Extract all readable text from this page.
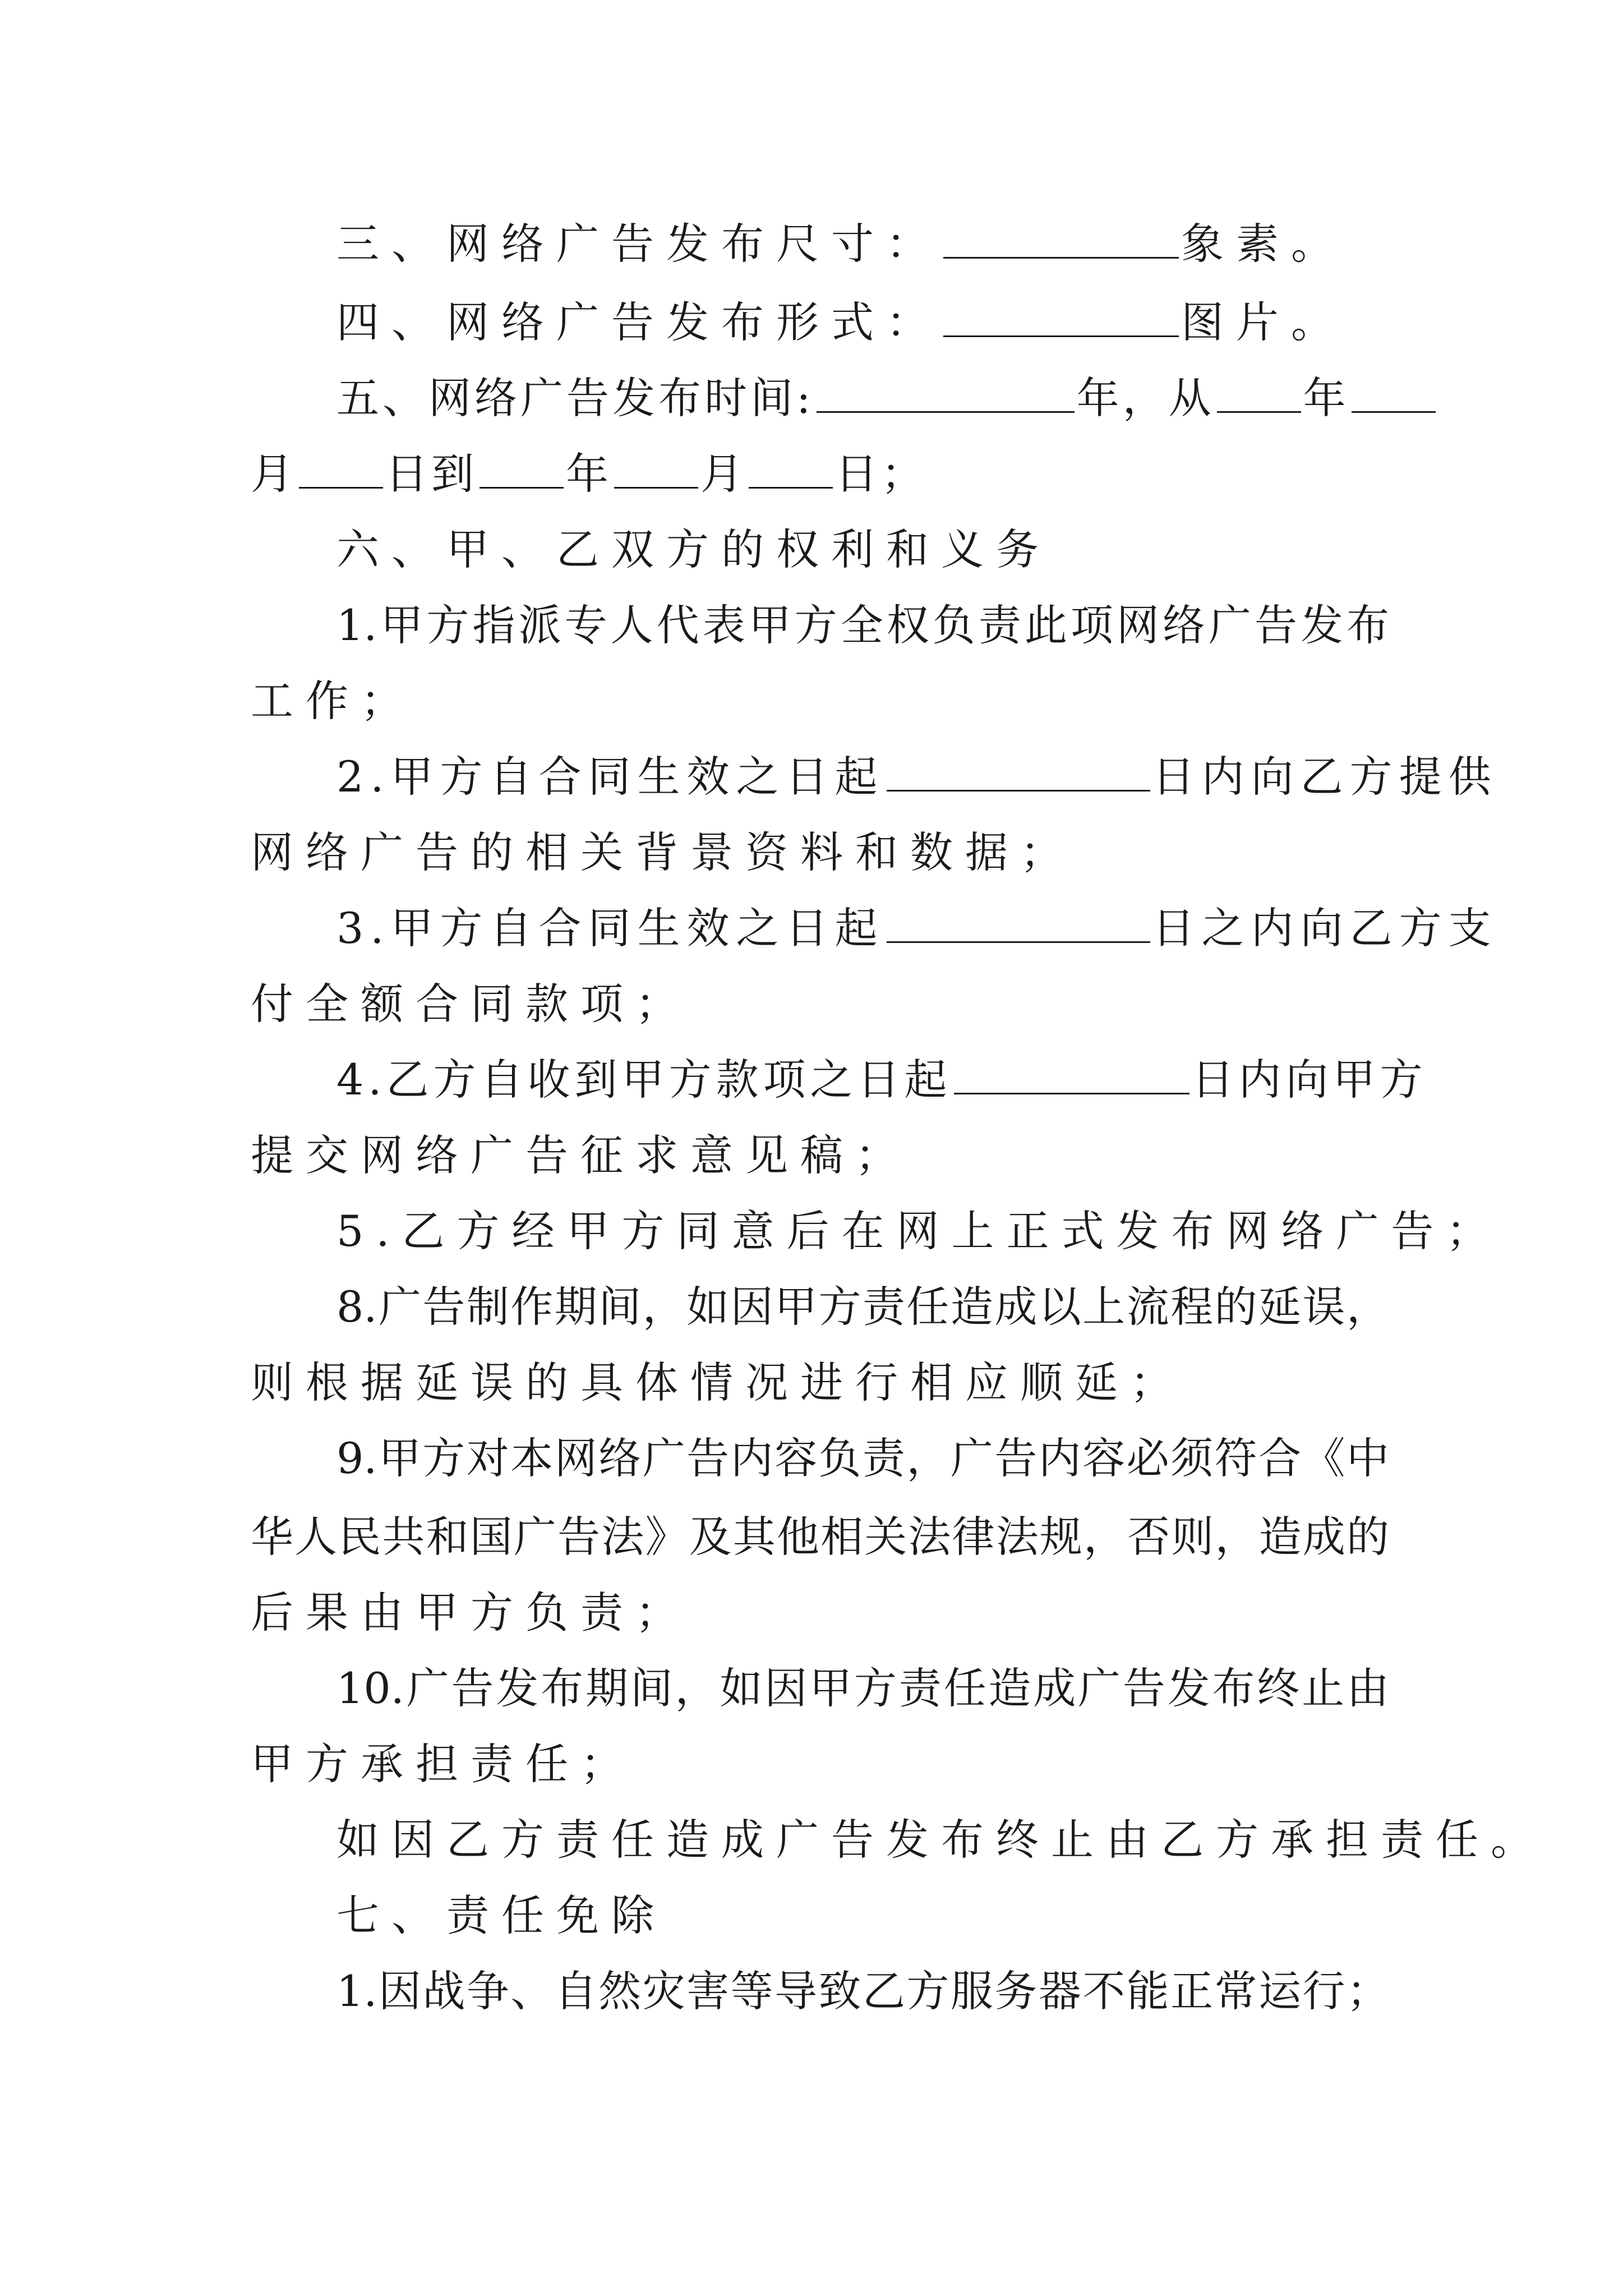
三、网络广告发布尺寸：	象素。
四、网络广告发布形式：	图片。
五、网络广告发布时间:	年，从 年
月 日到 年 月 日；
六、甲、乙双方的权利和义务
1.甲方指派专人代表甲方全权负责此项网络广告发布
工作；
2.甲方自合同生效之日起	日内向乙方提供
网络广告的相关背景资料和数据；
3.甲方自合同生效之日起	日之内向乙方支
付全额合同款项；
4.乙方自收到甲方款项之日起	日内向甲方
提交网络广告征求意见稿；
5.乙方经甲方同意后在网上正式发布网络广告；
8.广告制作期间，如因甲方责任造成以上流程的延误，
则根据延误的具体情况进行相应顺延；
9.甲方对本网络广告内容负责，广告内容必须符合《中
华人民共和国广告法》及其他相关法律法规，否则，造成的
后果由甲方负责；
10.广告发布期间，如因甲方责任造成广告发布终止由
甲方承担责任；
如因乙方责任造成广告发布终止由乙方承担责任。
七、责任免除
1.因战争、自然灾害等导致乙方服务器不能正常运行；
